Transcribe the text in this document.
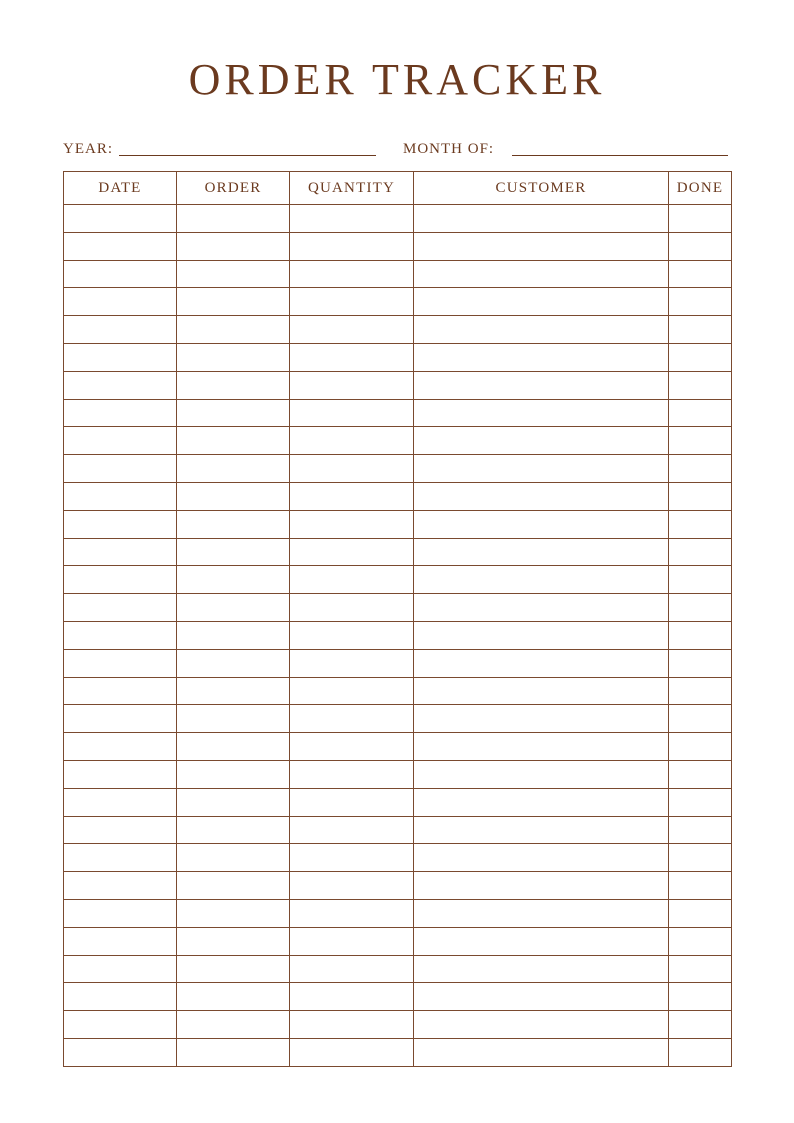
ORDER TRACKER
YEAR:	MONTH OF:
DATE	ORDER	QUANTITY	CUSTOMER	DONE
